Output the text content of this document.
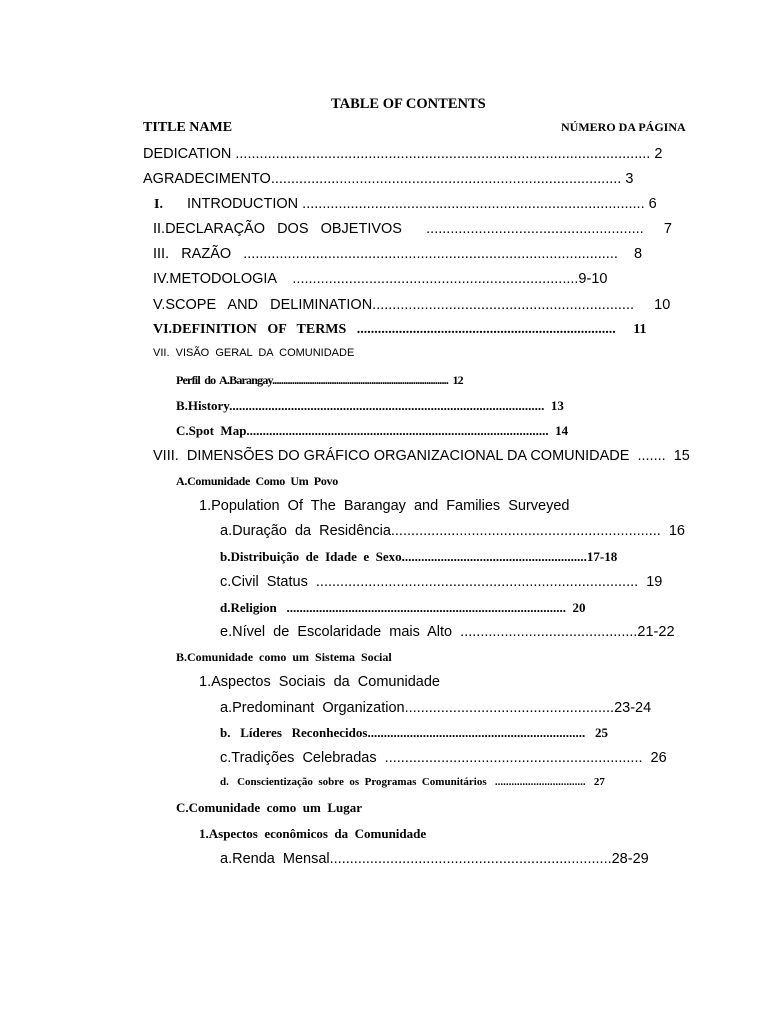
TABLE OF CONTENTS
TITLE NAME	NÚMERO DA PÁGINA
DEDICATION ....................................................................................................... 2
AGRADECIMENTO....................................................................................... 3
I. INTRODUCTION ..................................................................................... 6
II.DECLARAÇÃO   DOS   OBJETIVOS      ......................................................     7
III.   RAZÃO   .............................................................................................    8
IV.METODOLOGIA    .......................................................................9-10
V.SCOPE   AND   DELIMINATION.................................................................     10
VI.DEFINITION   OF   TERMS   ..........................................................................     11
VII.  VISÃO  GERAL  DA  COMUNIDADE
Perfil  do  A.Barangay................................................................................  12
B.History.................................................................................................  13
C.Spot  Map.............................................................................................  14
VIII.  DIMENSÕES DO GRÁFICO ORGANIZACIONAL DA COMUNIDADE  .......  15
A.Comunidade  Como  Um  Povo
1.Population  Of  The  Barangay  and  Families  Surveyed
a.Duração  da  Residência...................................................................  16
b.Distribuição  de  Idade  e  Sexo.........................................................17-18
c.Civil  Status  ................................................................................  19
d.Religion   ......................................................................................  20
e.Nível  de  Escolaridade  mais  Alto  ............................................21-22
B.Comunidade  como  um  Sistema  Social
1.Aspectos  Sociais  da  Comunidade
a.Predominant  Organization....................................................23-24
b.   Líderes   Reconhecidos...................................................................   25
c.Tradições  Celebradas  ................................................................  26
d.   Conscientização  sobre  os  Programas  Comunitários   .................................   27
C.Comunidade  como  um  Lugar
1.Aspectos  econômicos  da  Comunidade
a.Renda  Mensal......................................................................28-29
